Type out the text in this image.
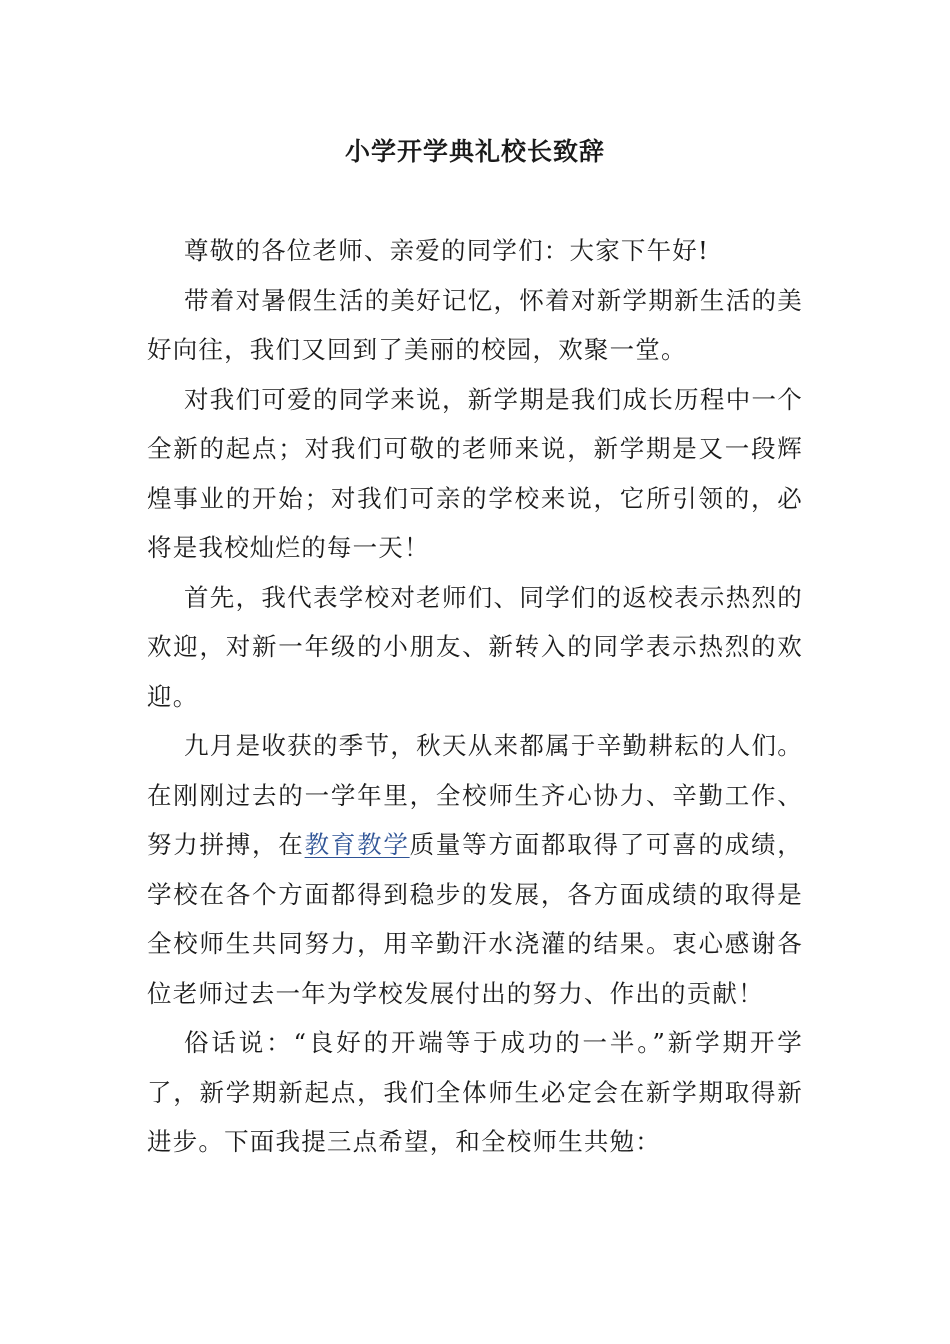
小学开学典礼校长致辞

尊敬的各位老师、亲爱的同学们：大家下午好!

带着对暑假生活的美好记忆，怀着对新学期新生活的美好向往，我们又回到了美丽的校园，欢聚一堂。

对我们可爱的同学来说，新学期是我们成长历程中一个全新的起点；对我们可敬的老师来说，新学期是又一段辉煌事业的开始；对我们可亲的学校来说，它所引领的，必将是我校灿烂的每一天！

首先，我代表学校对老师们、同学们的返校表示热烈的欢迎，对新一年级的小朋友、新转入的同学表示热烈的欢迎。

九月是收获的季节，秋天从来都属于辛勤耕耘的人们。在刚刚过去的一学年里，全校师生齐心协力、辛勤工作、努力拼搏，在教育教学质量等方面都取得了可喜的成绩，学校在各个方面都得到稳步的发展，各方面成绩的取得是全校师生共同努力，用辛勤汗水浇灌的结果。衷心感谢各位老师过去一年为学校发展付出的努力、作出的贡献！

俗话说：“良好的开端等于成功的一半。”新学期开学了，新学期新起点，我们全体师生必定会在新学期取得新进步。下面我提三点希望，和全校师生共勉：
